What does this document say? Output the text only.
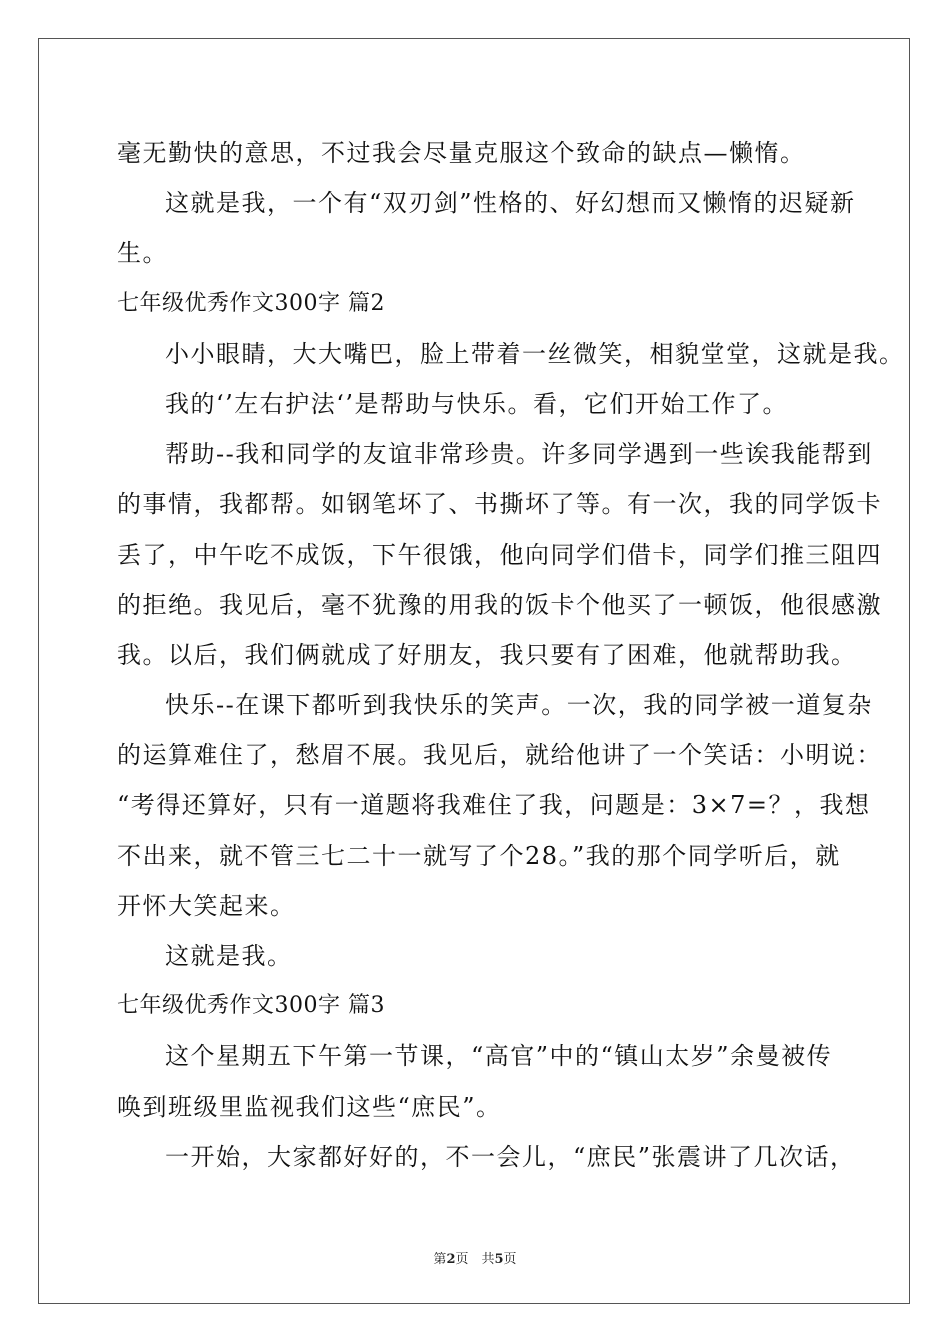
毫无勤快的意思，不过我会尽量克服这个致命的缺点—懒惰。
这就是我，一个有“双刃剑”性格的、好幻想而又懒惰的迟疑新
生。
七年级优秀作文300字 篇2
小小眼睛，大大嘴巴，脸上带着一丝微笑，相貌堂堂，这就是我。
我的‘’左右护法‘’是帮助与快乐。看，它们开始工作了。
帮助--我和同学的友谊非常珍贵。许多同学遇到一些诶我能帮到
的事情，我都帮。如钢笔坏了、书撕坏了等。有一次，我的同学饭卡
丢了，中午吃不成饭，下午很饿，他向同学们借卡，同学们推三阻四
的拒绝。我见后，毫不犹豫的用我的饭卡个他买了一顿饭，他很感激
我。以后，我们俩就成了好朋友，我只要有了困难，他就帮助我。
快乐--在课下都听到我快乐的笑声。一次，我的同学被一道复杂
的运算难住了，愁眉不展。我见后，就给他讲了一个笑话：小明说：
“考得还算好，只有一道题将我难住了我，问题是：3×7=？，我想
不出来，就不管三七二十一就写了个28。”我的那个同学听后，就
开怀大笑起来。
这就是我。
七年级优秀作文300字 篇3
这个星期五下午第一节课，“高官”中的“镇山太岁”余曼被传
唤到班级里监视我们这些“庶民”。
一开始，大家都好好的，不一会儿，“庶民”张震讲了几次话，
第2页　共5页
